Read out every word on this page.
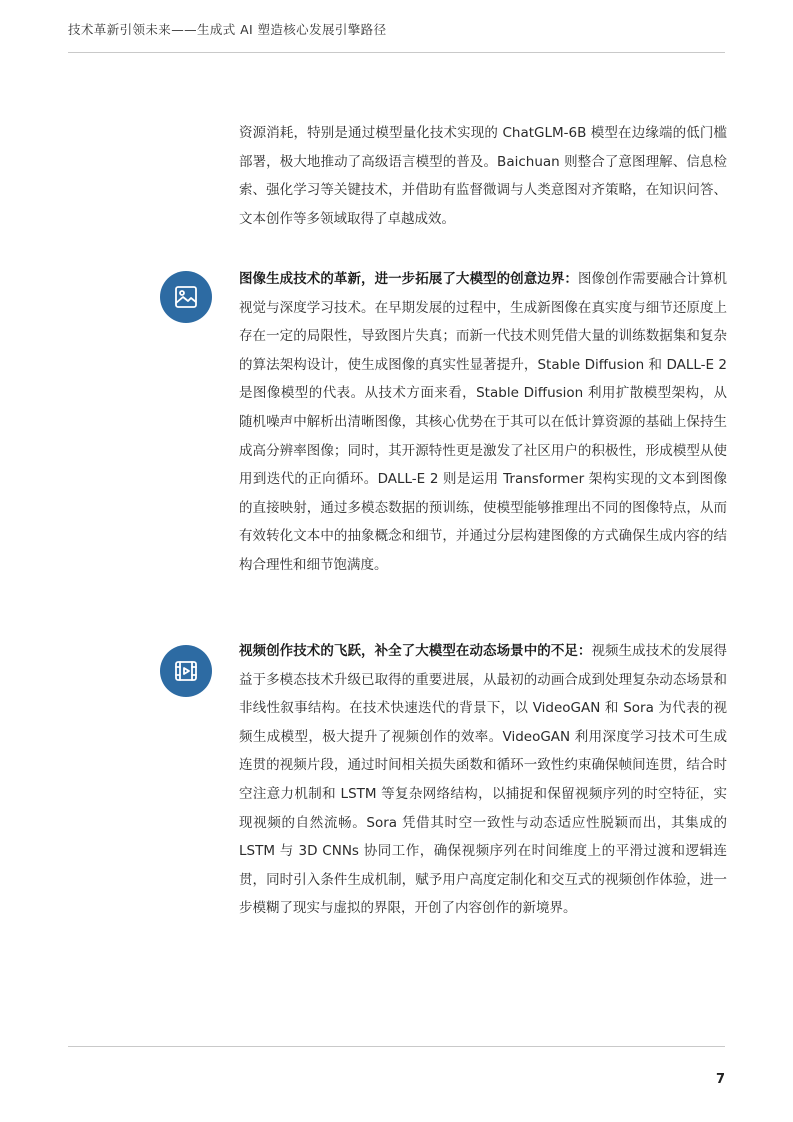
技术革新引领未来——生成式 AI 塑造核心发展引擎路径

资源消耗，特别是通过模型量化技术实现的 ChatGLM-6B 模型在边缘端的低门槛部署，极大地推动了高级语言模型的普及。Baichuan 则整合了意图理解、信息检索、强化学习等关键技术，并借助有监督微调与人类意图对齐策略，在知识问答、文本创作等多领域取得了卓越成效。

图像生成技术的革新，进一步拓展了大模型的创意边界：图像创作需要融合计算机视觉与深度学习技术。在早期发展的过程中，生成新图像在真实度与细节还原度上存在一定的局限性，导致图片失真；而新一代技术则凭借大量的训练数据集和复杂的算法架构设计，使生成图像的真实性显著提升，Stable Diffusion 和 DALL-E 2 是图像模型的代表。从技术方面来看，Stable Diffusion 利用扩散模型架构，从随机噪声中解析出清晰图像，其核心优势在于其可以在低计算资源的基础上保持生成高分辨率图像；同时，其开源特性更是激发了社区用户的积极性，形成模型从使用到迭代的正向循环。DALL-E 2 则是运用 Transformer 架构实现的文本到图像的直接映射，通过多模态数据的预训练，使模型能够推理出不同的图像特点，从而有效转化文本中的抽象概念和细节，并通过分层构建图像的方式确保生成内容的结构合理性和细节饱满度。

视频创作技术的飞跃，补全了大模型在动态场景中的不足：视频生成技术的发展得益于多模态技术升级已取得的重要进展，从最初的动画合成到处理复杂动态场景和非线性叙事结构。在技术快速迭代的背景下，以 VideoGAN 和 Sora 为代表的视频生成模型，极大提升了视频创作的效率。VideoGAN 利用深度学习技术可生成连贯的视频片段，通过时间相关损失函数和循环一致性约束确保帧间连贯，结合时空注意力机制和 LSTM 等复杂网络结构，以捕捉和保留视频序列的时空特征，实现视频的自然流畅。Sora 凭借其时空一致性与动态适应性脱颖而出，其集成的 LSTM 与 3D CNNs 协同工作，确保视频序列在时间维度上的平滑过渡和逻辑连贯，同时引入条件生成机制，赋予用户高度定制化和交互式的视频创作体验，进一步模糊了现实与虚拟的界限，开创了内容创作的新境界。

7
